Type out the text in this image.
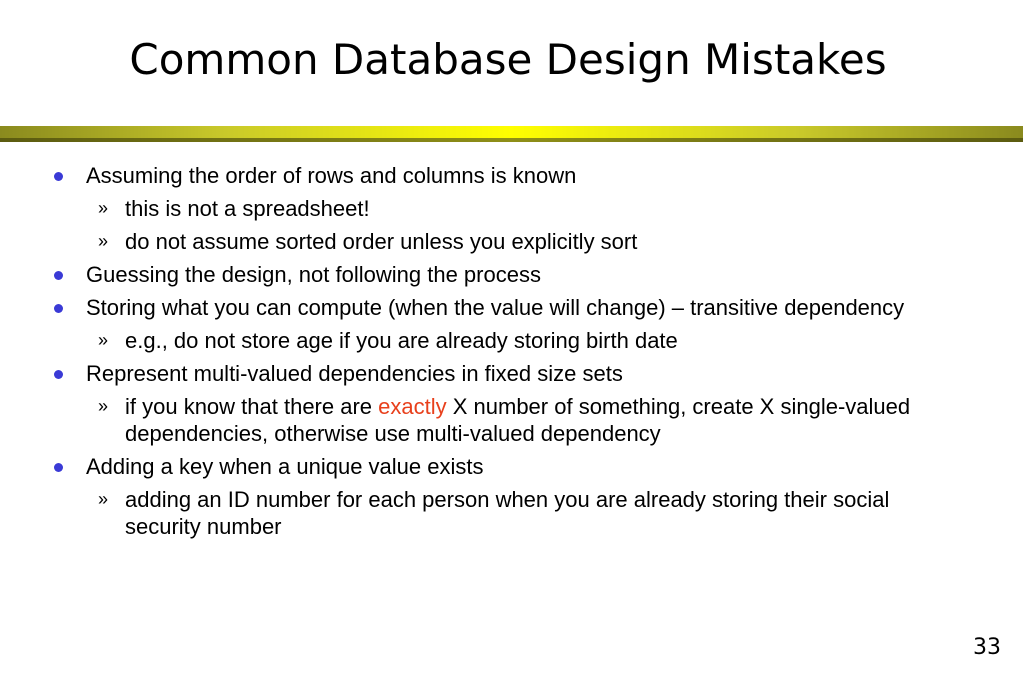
Common Database Design Mistakes
Assuming the order of rows and columns is known
» this is not a spreadsheet!
» do not assume sorted order unless you explicitly sort
Guessing the design, not following the process
Storing what you can compute (when the value will change) – transitive dependency
» e.g., do not store age if you are already storing birth date
Represent multi-valued dependencies in fixed size sets
» if you know that there are exactly X number of something, create X single-valued dependencies, otherwise use multi-valued dependency
Adding a key when a unique value exists
» adding an ID number for each person when you are already storing their social security number
33
